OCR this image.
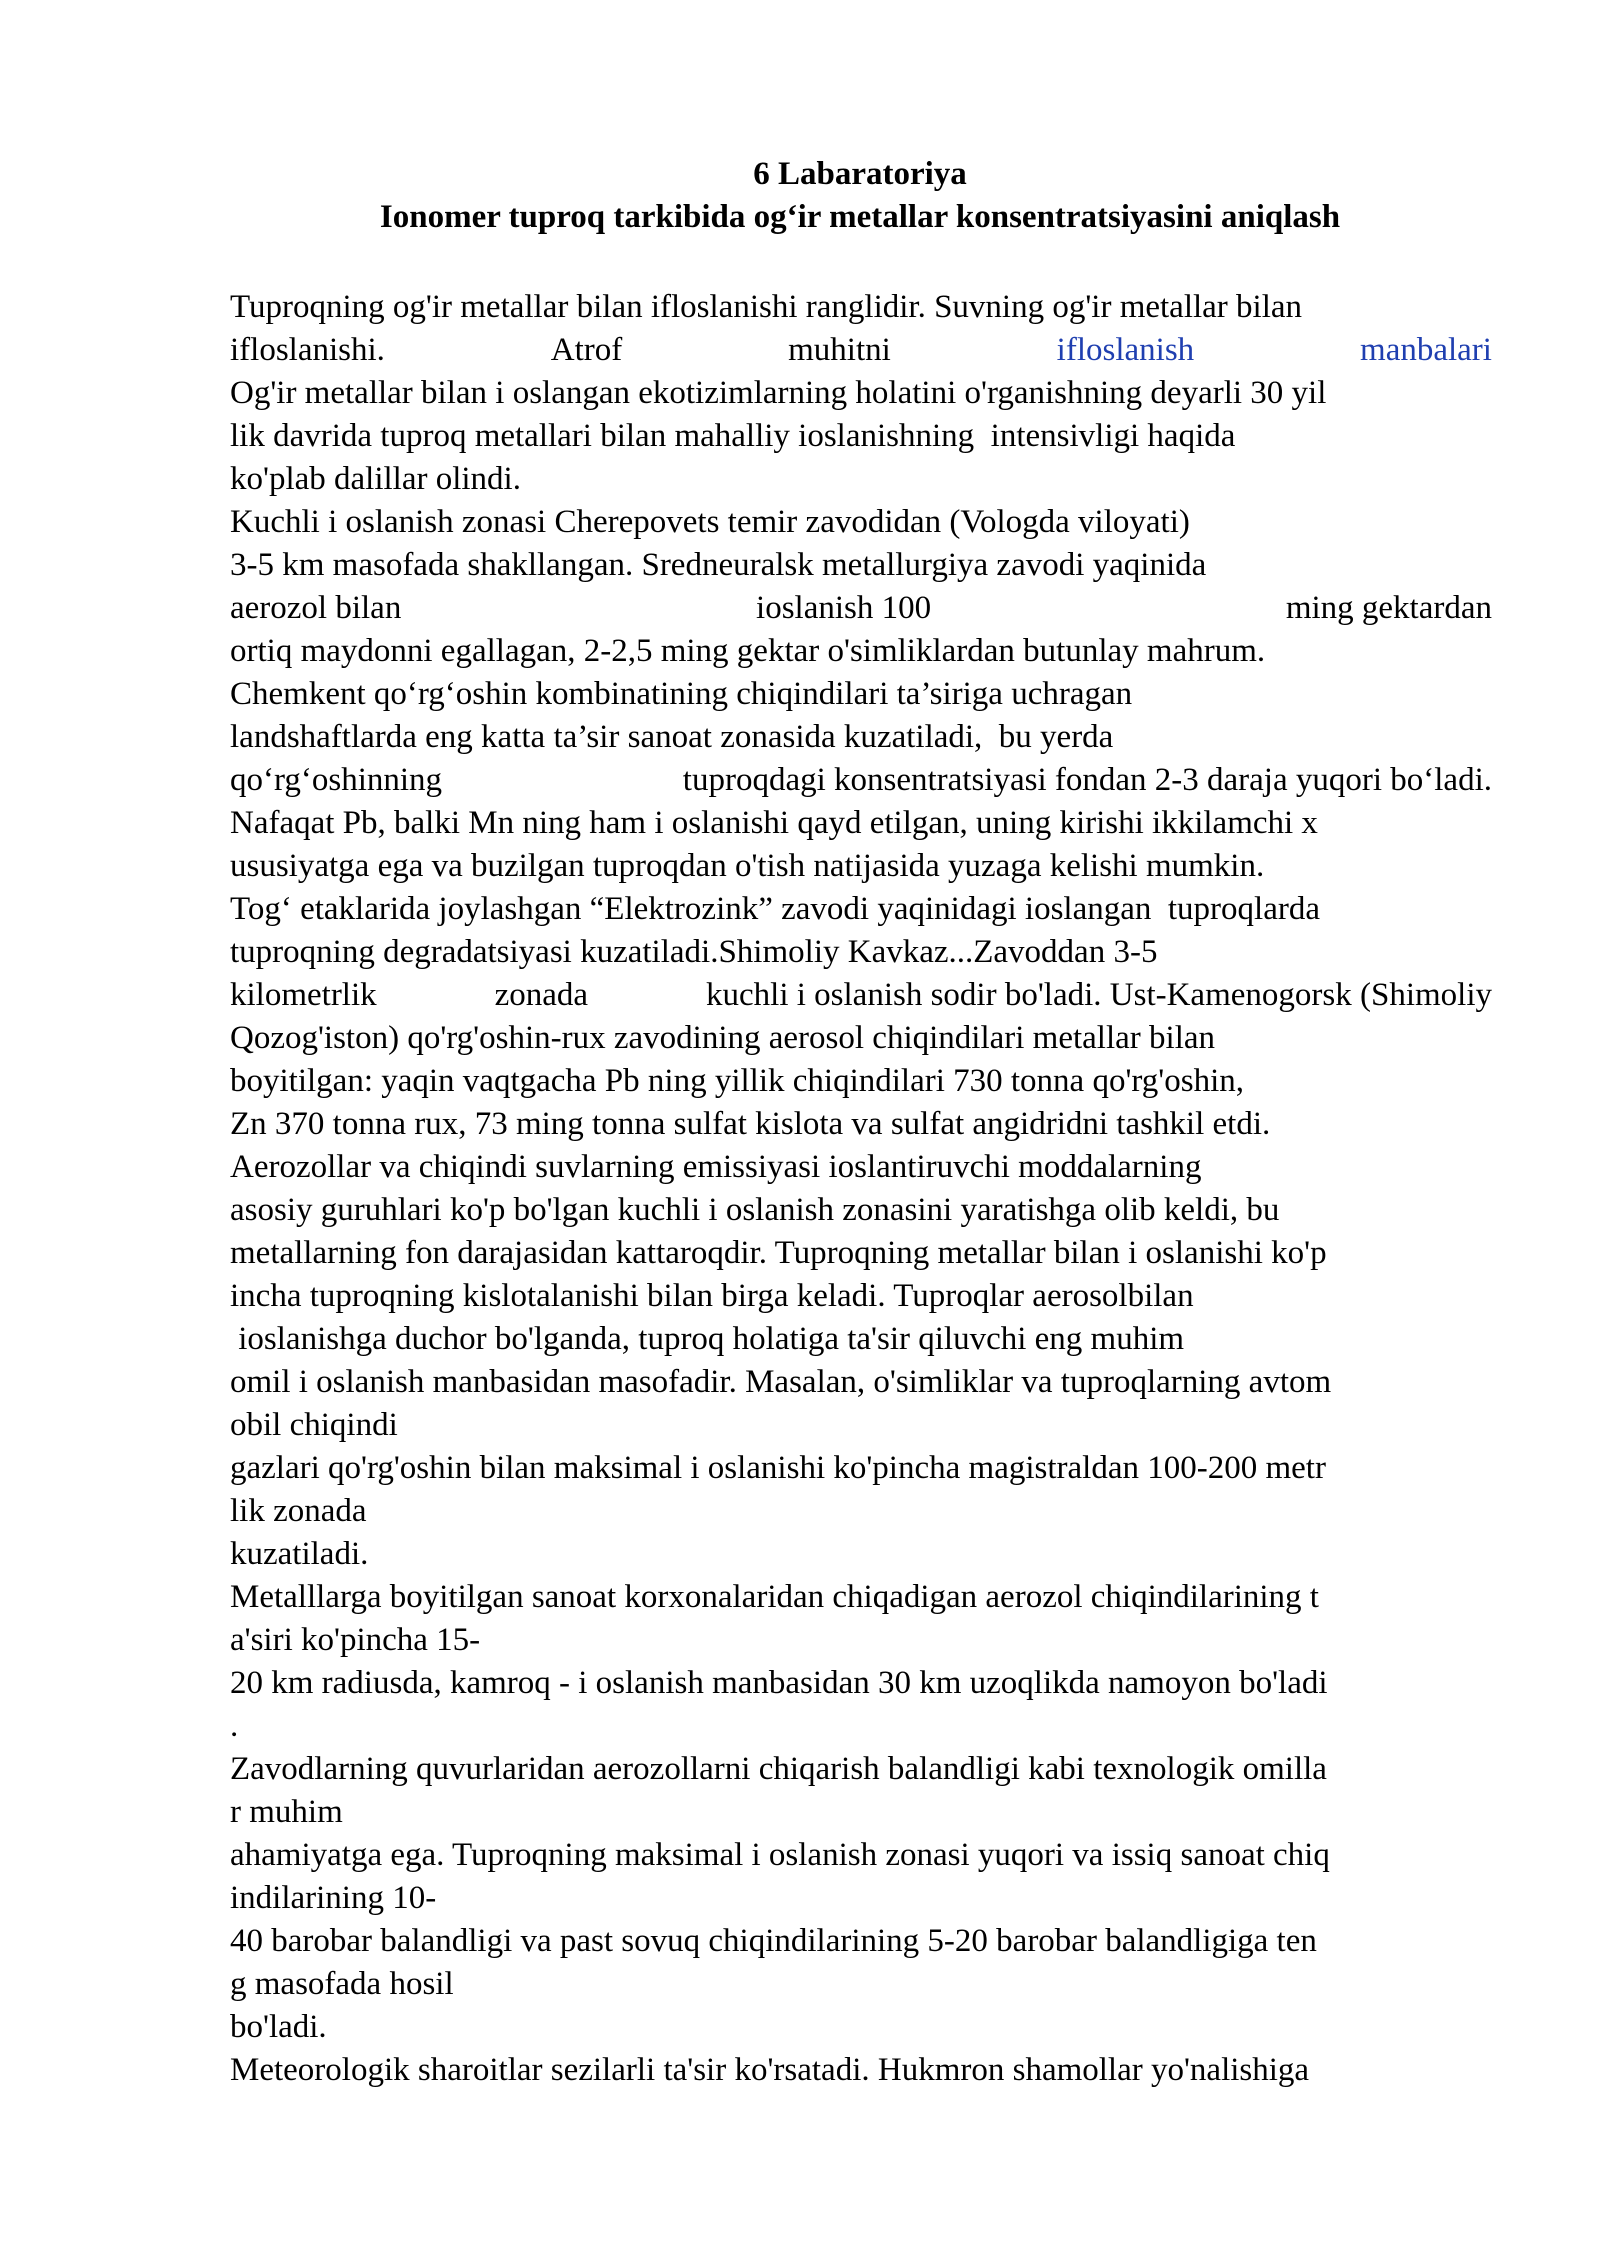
6 Labaratoriya
Ionomer tuproq tarkibida og‘ir metallar konsentratsiyasini aniqlash
Tuproqning og'ir metallar bilan ifloslanishi ranglidir. Suvning og'ir metallar bilan
ifloslanishi.	Atrof	muhitni	ifloslanish	manbalari
Og'ir metallar bilan i oslangan ekotizimlarning holatini o'rganishning deyarli 30 yil
lik davrida tuproq metallari bilan mahalliy ioslanishning  intensivligi haqida
ko'plab dalillar olindi.
Kuchli i oslanish zonasi Cherepovets temir zavodidan (Vologda viloyati)
3-5 km masofada shakllangan. Sredneuralsk metallurgiya zavodi yaqinida
aerozol bilan	ioslanish 100	ming gektardan
ortiq maydonni egallagan, 2-2,5 ming gektar o'simliklardan butunlay mahrum.
Chemkent qo‘rg‘oshin kombinatining chiqindilari ta’siriga uchragan
landshaftlarda eng katta ta’sir sanoat zonasida kuzatiladi,  bu yerda
qo‘rg‘oshinning	tuproqdagi konsentratsiyasi fondan 2-3 daraja yuqori bo‘ladi.
Nafaqat Pb, balki Mn ning ham i oslanishi qayd etilgan, uning kirishi ikkilamchi x
ususiyatga ega va buzilgan tuproqdan o'tish natijasida yuzaga kelishi mumkin.
Tog‘ etaklarida joylashgan “Elektrozink” zavodi yaqinidagi ioslangan  tuproqlarda
tuproqning degradatsiyasi kuzatiladi.Shimoliy Kavkaz...Zavoddan 3-5
kilometrlik	zonada	kuchli i oslanish sodir bo'ladi. Ust-Kamenogorsk (Shimoliy
Qozog'iston) qo'rg'oshin-rux zavodining aerosol chiqindilari metallar bilan
boyitilgan: yaqin vaqtgacha Pb ning yillik chiqindilari 730 tonna qo'rg'oshin,
Zn 370 tonna rux, 73 ming tonna sulfat kislota va sulfat angidridni tashkil etdi.
Aerozollar va chiqindi suvlarning emissiyasi ioslantiruvchi moddalarning
asosiy guruhlari ko'p bo'lgan kuchli i oslanish zonasini yaratishga olib keldi, bu
metallarning fon darajasidan kattaroqdir. Tuproqning metallar bilan i oslanishi ko'p
incha tuproqning kislotalanishi bilan birga keladi. Tuproqlar aerosolbilan
ioslanishga duchor bo'lganda, tuproq holatiga ta'sir qiluvchi eng muhim
omil i oslanish manbasidan masofadir. Masalan, o'simliklar va tuproqlarning avtom
obil chiqindi
gazlari qo'rg'oshin bilan maksimal i oslanishi ko'pincha magistraldan 100-200 metr
lik zonada
kuzatiladi.
Metalllarga boyitilgan sanoat korxonalaridan chiqadigan aerozol chiqindilarining t
a'siri ko'pincha 15-
20 km radiusda, kamroq - i oslanish manbasidan 30 km uzoqlikda namoyon bo'ladi
.
Zavodlarning quvurlaridan aerozollarni chiqarish balandligi kabi texnologik omilla
r muhim
ahamiyatga ega. Tuproqning maksimal i oslanish zonasi yuqori va issiq sanoat chiq
indilarining 10-
40 barobar balandligi va past sovuq chiqindilarining 5-20 barobar balandligiga ten
g masofada hosil
bo'ladi.
Meteorologik sharoitlar sezilarli ta'sir ko'rsatadi. Hukmron shamollar yo'nalishiga
